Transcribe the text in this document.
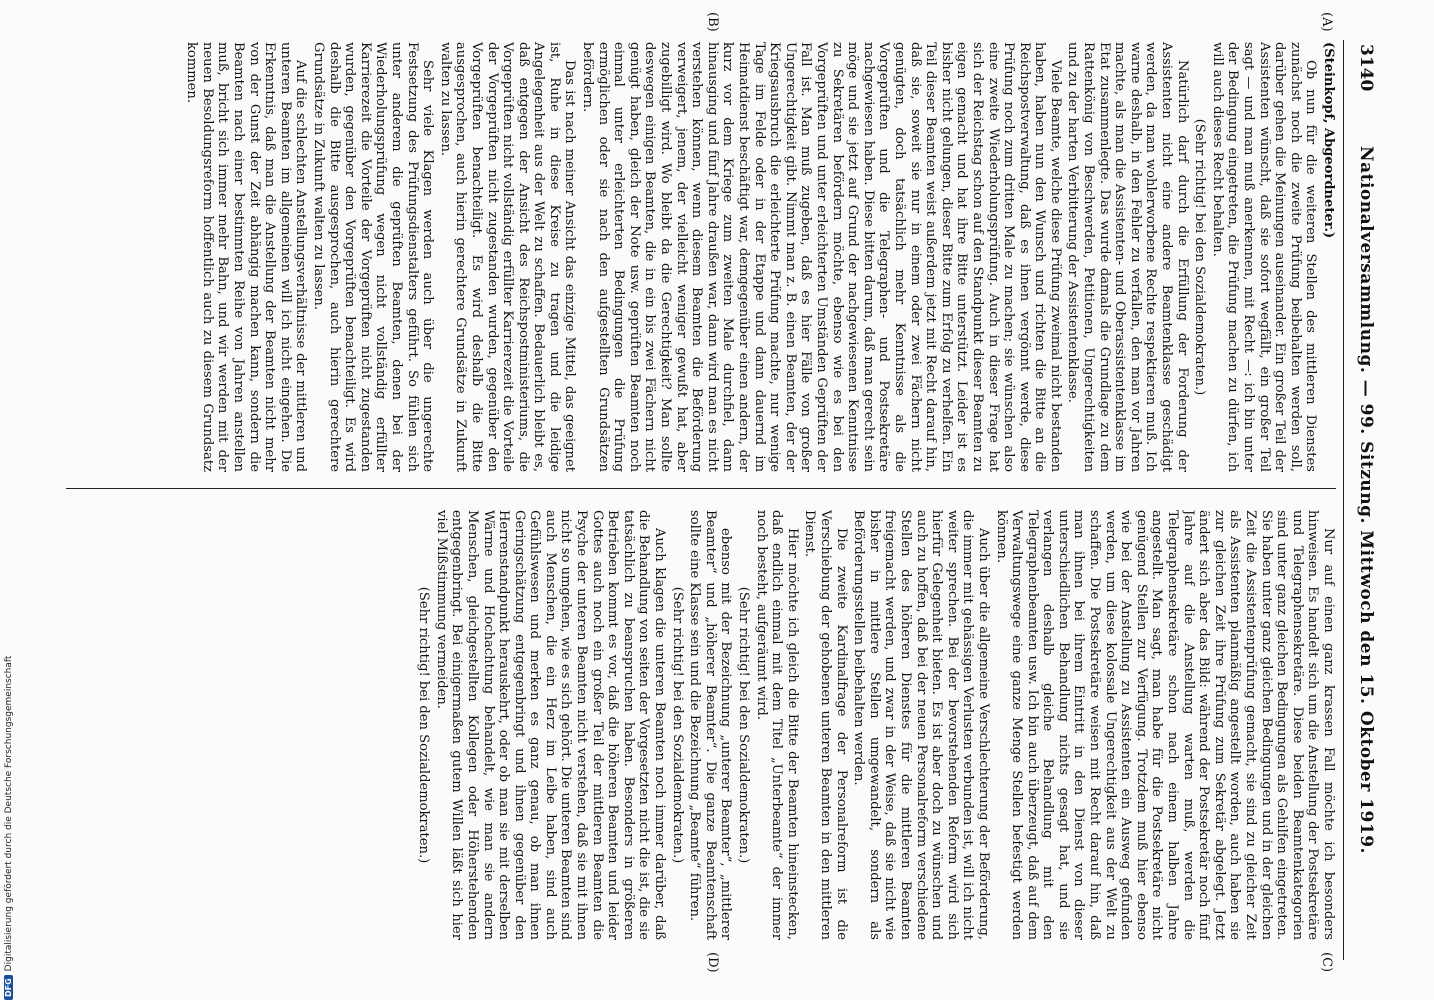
3140
Nationalversammlung. — 99. Sitzung. Mittwoch den 15. Oktober 1919.
(A)
(B)
(C)
(D)

(Steinkopf, Abgeordneter.)

Ob nun für die weiteren Stellen des mittleren Dienstes zunächst noch die zweite Prüfung beibehalten werden soll, darüber gehen die Meinungen auseinander. Ein großer Teil der Assistenten wünscht, daß sie sofort wegfällt, ein großer Teil sagt — und man muß anerkennen, mit Recht —: ich bin unter der Bedingung eingetreten, die Prüfung machen zu dürfen, ich will auch dieses Recht behalten.

(Sehr richtig! bei den Sozialdemokraten.)

Natürlich darf durch die Erfüllung der Forderung der Assistenten nicht eine andere Beamtenklasse geschädigt werden, da man wohlerworbene Rechte respektieren muß. Ich warne deshalb, in den Fehler zu verfallen, den man vor Jahren machte, als man die Assistenten- und Oberassistentenklasse im Etat zusammenlegte. Das wurde damals die Grundlage zu dem Rattenkönig von Beschwerden, Petitionen, Ungerechtigkeiten und zu der harten Verbitterung der Assistentenklasse.

Viele Beamte, welche diese Prüfung zweimal nicht bestanden haben, haben nun den Wunsch und richten die Bitte an die Reichspostverwaltung, daß es ihnen vergönnt werde, diese Prüfung noch zum dritten Male zu machen; sie wünschen also eine zweite Wiederholungsprüfung. Auch in dieser Frage hat sich der Reichstag schon auf den Standpunkt dieser Beamten zu eigen gemacht und hat ihre Bitte unterstützt. Leider ist es bisher nicht gelungen, dieser Bitte zum Erfolg zu verhelfen. Ein Teil dieser Beamten weist außerdem jetzt mit Recht darauf hin, daß sie, soweit sie nur in einem oder zwei Fächern nicht genügten, doch tatsächlich mehr Kenntnisse als die Vorgeprüften und die Telegraphen- und Postsekretäre nachgewiesen haben. Diese bitten darum, daß man gerecht sein möge und sie jetzt auf Grund der nachgewiesenen Kenntnisse zu Sekretären befördern möchte, ebenso wie es bei den Vorgeprüften und unter erleichterten Umständen Geprüften der Fall ist. Man muß zugeben, daß es hier Fälle von großer Ungerechtigkeit gibt. Nimmt man z. B. einen Beamten, der der Kriegsausbruch die erleichterte Prüfung machte, nur wenige Tage im Felde oder in der Etappe und dann dauernd im Heimatdienst beschäftigt war, demgegenüber einen andern, der kurz vor dem Kriege zum zweiten Male durchfiel, dann hinausging und fünf Jahre draußen war, dann wird man es nicht verstehen können, wenn diesem Beamten die Beförderung verweigert, jenem, der vielleicht weniger gewußt hat, aber zugebilligt wird. Wo bleibt da die Gerechtigkeit? Man sollte deswegen einigen Beamten, die in ein bis zwei Fächern nicht genügt haben, gleich der Note usw. geprüften Beamten noch einmal unter erleichterten Bedingungen die Prüfung ermöglichen oder sie nach den aufgestellten Grundsätzen befördern.

Das ist nach meiner Ansicht das einzige Mittel, das geeignet ist, Ruhe in diese Kreise zu tragen und die leidige Angelegenheit aus der Welt zu schaffen. Bedauerlich bleibt es, daß entgegen der Ansicht des Reichspostministeriums, die Vorgeprüften nicht vollständig erfüllter Karrierezeit die Vorteile der Vorgeprüften nicht zugestanden wurden, gegenüber den Vorgeprüften benachteiligt. Es wird deshalb die Bitte ausgesprochen, auch hierin gerechtere Grundsätze in Zukunft walten zu lassen.

Sehr viele Klagen werden auch über die ungerechte Festsetzung des Prüfungsdienstalters geführt. So fühlen sich unter anderem die geprüften Beamten, denen bei der Wiederholungsprüfung wegen nicht vollständig erfüllter Karrierezeit die Vorteile der Vorgeprüften nicht zugestanden wurden, gegenüber den Vorgeprüften benachteiligt. Es wird deshalb die Bitte ausgesprochen, auch hierin gerechtere Grundsätze in Zukunft walten zu lassen.

Auf die schlechten Anstellungsverhältnisse der mittleren und unteren Beamten im allgemeinen will ich nicht eingehen. Die Erkenntnis, daß man die Anstellung der Beamten nicht mehr von der Gunst der Zeit abhängig machen kann, sondern die Beamten nach einer bestimmten Reihe von Jahren anstellen muß, bricht sich immer mehr Bahn, und wir werden mit der neuen Besoldungsreform hoffentlich auch zu diesem Grundsatz kommen.

Nur auf einen ganz krassen Fall möchte ich besonders hinweisen. Es handelt sich um die Anstellung der Postsekretäre und Telegraphensekretäre. Diese beiden Beamtenkategorien sind unter ganz gleichen Bedingungen als Gehilfen eingetreten. Sie haben unter ganz gleichen Bedingungen und in der gleichen Zeit die Assistentenprüfung gemacht, sie sind zu gleicher Zeit als Assistenten planmäßig angestellt worden, auch haben sie zur gleichen Zeit ihre Prüfung zum Sekretär abgelegt. Jetzt ändert sich aber das Bild: während der Postsekretär noch fünf Jahre auf die Anstellung warten muß, werden die Telegraphensekretäre schon nach einem halben Jahre angestellt. Man sagt, man habe für die Postsekretäre nicht genügend Stellen zur Verfügung. Trotzdem muß hier ebenso wie bei der Anstellung zu Assistenten ein Ausweg gefunden werden, um diese kolossale Ungerechtigkeit aus der Welt zu schaffen. Die Postsekretäre weisen mit Recht darauf hin, daß man ihnen bei ihrem Eintritt in den Dienst von dieser unterschiedlichen Behandlung nichts gesagt hat, und sie verlangen deshalb gleiche Behandlung mit den Telegraphenbeamten usw. Ich bin auch überzeugt, daß auf dem Verwaltungswege eine ganze Menge Stellen befestigt werden können.

Auch über die allgemeine Verschlechterung der Beförderung, die immer mit gehässigen Verlusten verbunden ist, will ich nicht weiter sprechen. Bei der bevorstehenden Reform wird sich hierfür Gelegenheit bieten. Es ist aber doch zu wünschen und auch zu hoffen, daß bei der neuen Personalreform verschiedene Stellen des höheren Dienstes für die mittleren Beamten freigemacht werden, und zwar in der Weise, daß sie nicht wie bisher in mittlere Stellen umgewandelt, sondern als Beförderungsstellen beibehalten werden.

Die zweite Kardinalfrage der Personalreform ist die Verschiebung der gehobenen unteren Beamten in den mittleren Dienst.

Hier möchte ich gleich die Bitte der Beamten hineinstecken, daß endlich einmal mit dem Titel „Unterbeamte“ der immer noch besteht, aufgeräumt wird.

(Sehr richtig! bei den Sozialdemokraten.)

ebenso mit der Bezeichnung „unterer Beamter“, „mittlerer Beamter“ und „höherer Beamter“. Die ganze Beamtenschaft sollte eine Klasse sein und die Bezeichnung „Beamte“ führen.

(Sehr richtig! bei den Sozialdemokraten.)

Auch klagen die unteren Beamten noch immer darüber, daß die Behandlung von seiten der Vorgesetzten nicht die ist, die sie tatsächlich zu beanspruchen haben. Besonders in größeren Betrieben kommt es vor, daß die höheren Beamten und leider Gottes auch noch ein großer Teil der mittleren Beamten die Psyche der unteren Beamten nicht verstehen, daß sie mit ihnen nicht so umgehen, wie es sich gehört. Die unteren Beamten sind auch Menschen, die ein Herz im Leibe haben, sind auch Gefühlswesen und merken es ganz genau, ob man ihnen Geringschätzung entgegenbringt und ihnen gegenüber den Herrenstandpunkt herauskehrt, oder ob man sie mit derselben Wärme und Hochachtung behandelt, wie man sie andern Menschen, gleichgestellten Kollegen oder Höherstehenden entgegenbringt. Bei einigermaßen gutem Willen läßt sich hier viel Mißstimmung vermeiden.

(Sehr richtig! bei den Sozialdemokraten.)

DFGDigitalisierung gefördert durch die Deutsche Forschungsgemeinschaft
